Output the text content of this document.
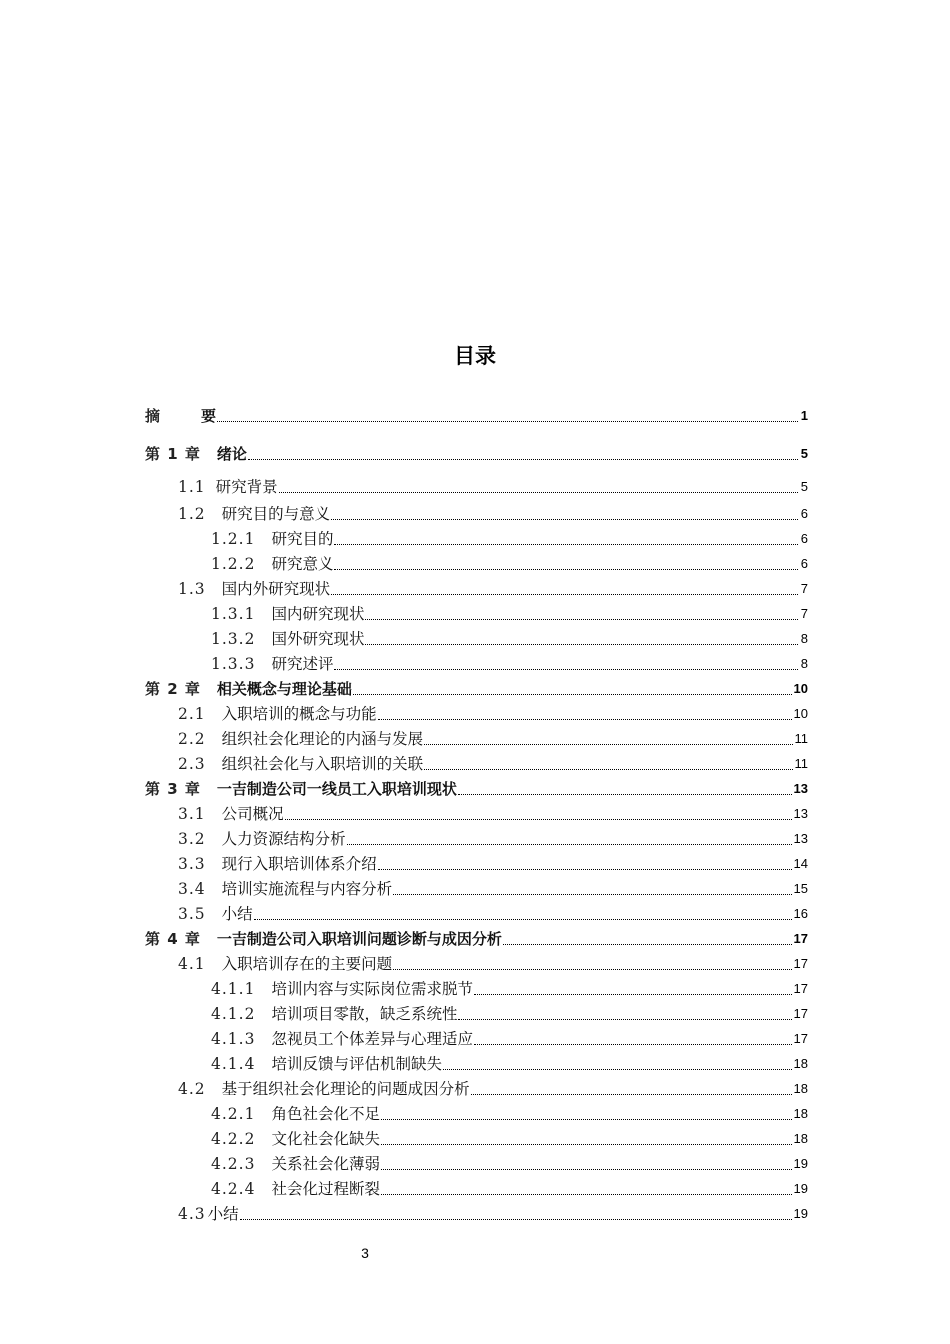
目录
摘	要	1
第 1 章 绪论	5
1.1 研究背景	5
1.2 研究目的与意义	6
1.2.1 研究目的	6
1.2.2 研究意义	6
1.3 国内外研究现状	7
1.3.1 国内研究现状	7
1.3.2 国外研究现状	8
1.3.3 研究述评	8
第 2 章 相关概念与理论基础	10
2.1 入职培训的概念与功能	10
2.2 组织社会化理论的内涵与发展	11
2.3 组织社会化与入职培训的关联	11
第 3 章 一吉制造公司一线员工入职培训现状	13
3.1 公司概况	13
3.2 人力资源结构分析	13
3.3 现行入职培训体系介绍	14
3.4 培训实施流程与内容分析	15
3.5 小结	16
第 4 章 一吉制造公司入职培训问题诊断与成因分析	17
4.1 入职培训存在的主要问题	17
4.1.1 培训内容与实际岗位需求脱节	17
4.1.2 培训项目零散，缺乏系统性	17
4.1.3 忽视员工个体差异与心理适应	17
4.1.4 培训反馈与评估机制缺失	18
4.2 基于组织社会化理论的问题成因分析	18
4.2.1 角色社会化不足	18
4.2.2 文化社会化缺失	18
4.2.3 关系社会化薄弱	19
4.2.4 社会化过程断裂	19
4.3 小结	19
3
